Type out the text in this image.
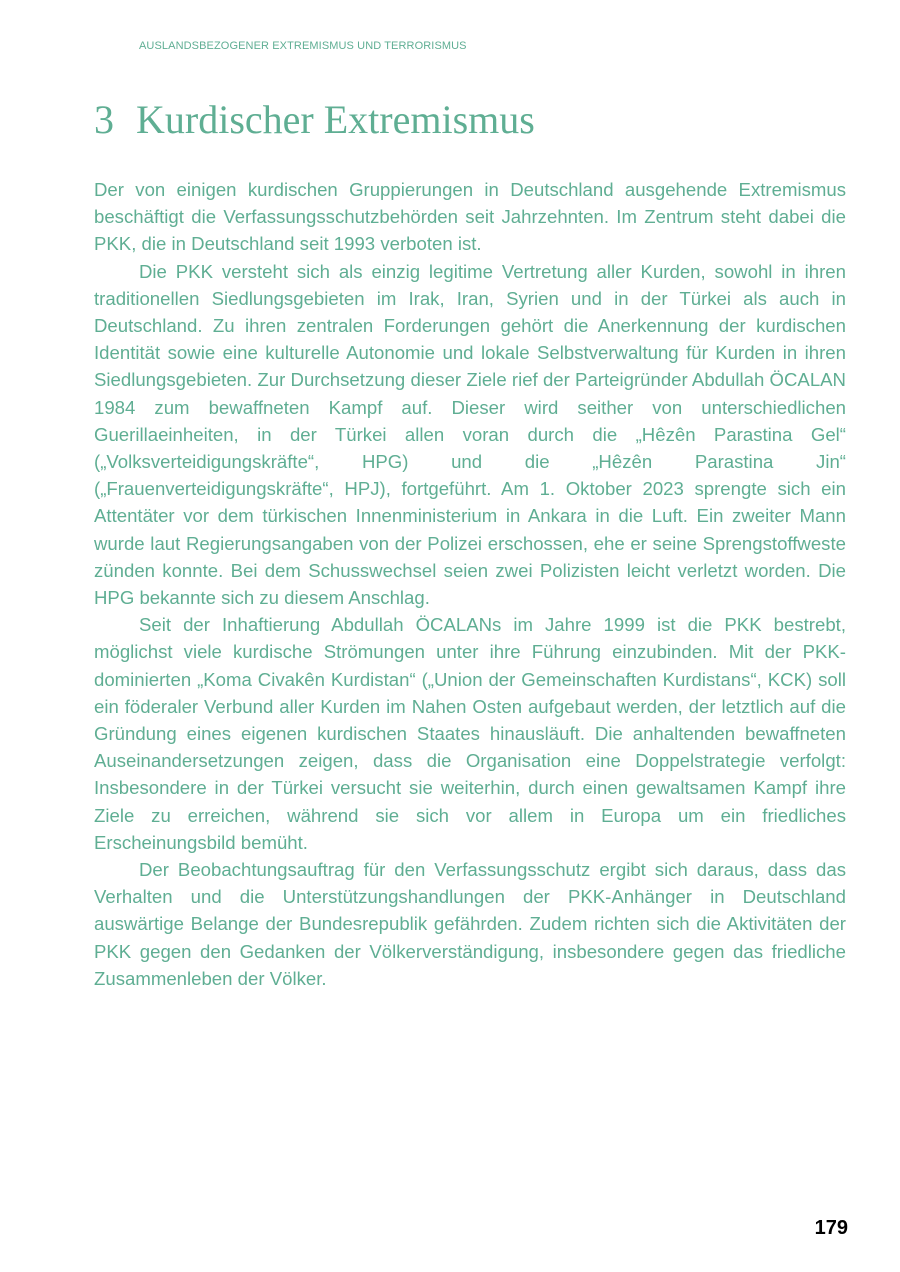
AUSLANDSBEZOGENER EXTREMISMUS UND TERRORISMUS
3 Kurdischer Extremismus

Der von einigen kurdischen Gruppierungen in Deutschland ausgehende Extremismus beschäftigt die Verfassungsschutzbehörden seit Jahrzehnten. Im Zentrum steht dabei die PKK, die in Deutschland seit 1993 verboten ist.

Die PKK versteht sich als einzig legitime Vertretung aller Kurden, sowohl in ihren traditionellen Siedlungsgebieten im Irak, Iran, Syrien und in der Türkei als auch in Deutschland. Zu ihren zentralen Forderungen gehört die Anerkennung der kurdischen Identität sowie eine kulturelle Autonomie und lokale Selbstverwaltung für Kurden in ihren Siedlungsgebieten. Zur Durchsetzung dieser Ziele rief der Parteigründer Abdullah ÖCALAN 1984 zum bewaffneten Kampf auf. Dieser wird seither von unterschiedlichen Guerillaeinheiten, in der Türkei allen voran durch die „Hêzên Parastina Gel“ („Volksverteidigungskräfte“, HPG) und die „Hêzên Parastina Jin“ („Frauenverteidigungskräfte“, HPJ), fortgeführt. Am 1. Oktober 2023 sprengte sich ein Attentäter vor dem türkischen Innenministerium in Ankara in die Luft. Ein zweiter Mann wurde laut Regierungsangaben von der Polizei erschossen, ehe er seine Sprengstoffweste zünden konnte. Bei dem Schusswechsel seien zwei Polizisten leicht verletzt worden. Die HPG bekannte sich zu diesem Anschlag.

Seit der Inhaftierung Abdullah ÖCALANs im Jahre 1999 ist die PKK bestrebt, möglichst viele kurdische Strömungen unter ihre Führung einzubinden. Mit der PKK-dominierten „Koma Civakên Kurdistan“ („Union der Gemeinschaften Kurdistans“, KCK) soll ein föderaler Verbund aller Kurden im Nahen Osten aufgebaut werden, der letztlich auf die Gründung eines eigenen kurdischen Staates hinausläuft. Die anhaltenden bewaffneten Auseinandersetzungen zeigen, dass die Organisation eine Doppelstrategie verfolgt: Insbesondere in der Türkei versucht sie weiterhin, durch einen gewaltsamen Kampf ihre Ziele zu erreichen, während sie sich vor allem in Europa um ein friedliches Erscheinungsbild bemüht.

Der Beobachtungsauftrag für den Verfassungsschutz ergibt sich daraus, dass das Verhalten und die Unterstützungshandlungen der PKK-Anhänger in Deutschland auswärtige Belange der Bundesrepublik gefährden. Zudem richten sich die Aktivitäten der PKK gegen den Gedanken der Völkerverständigung, insbesondere gegen das friedliche Zusammenleben der Völker.

179
